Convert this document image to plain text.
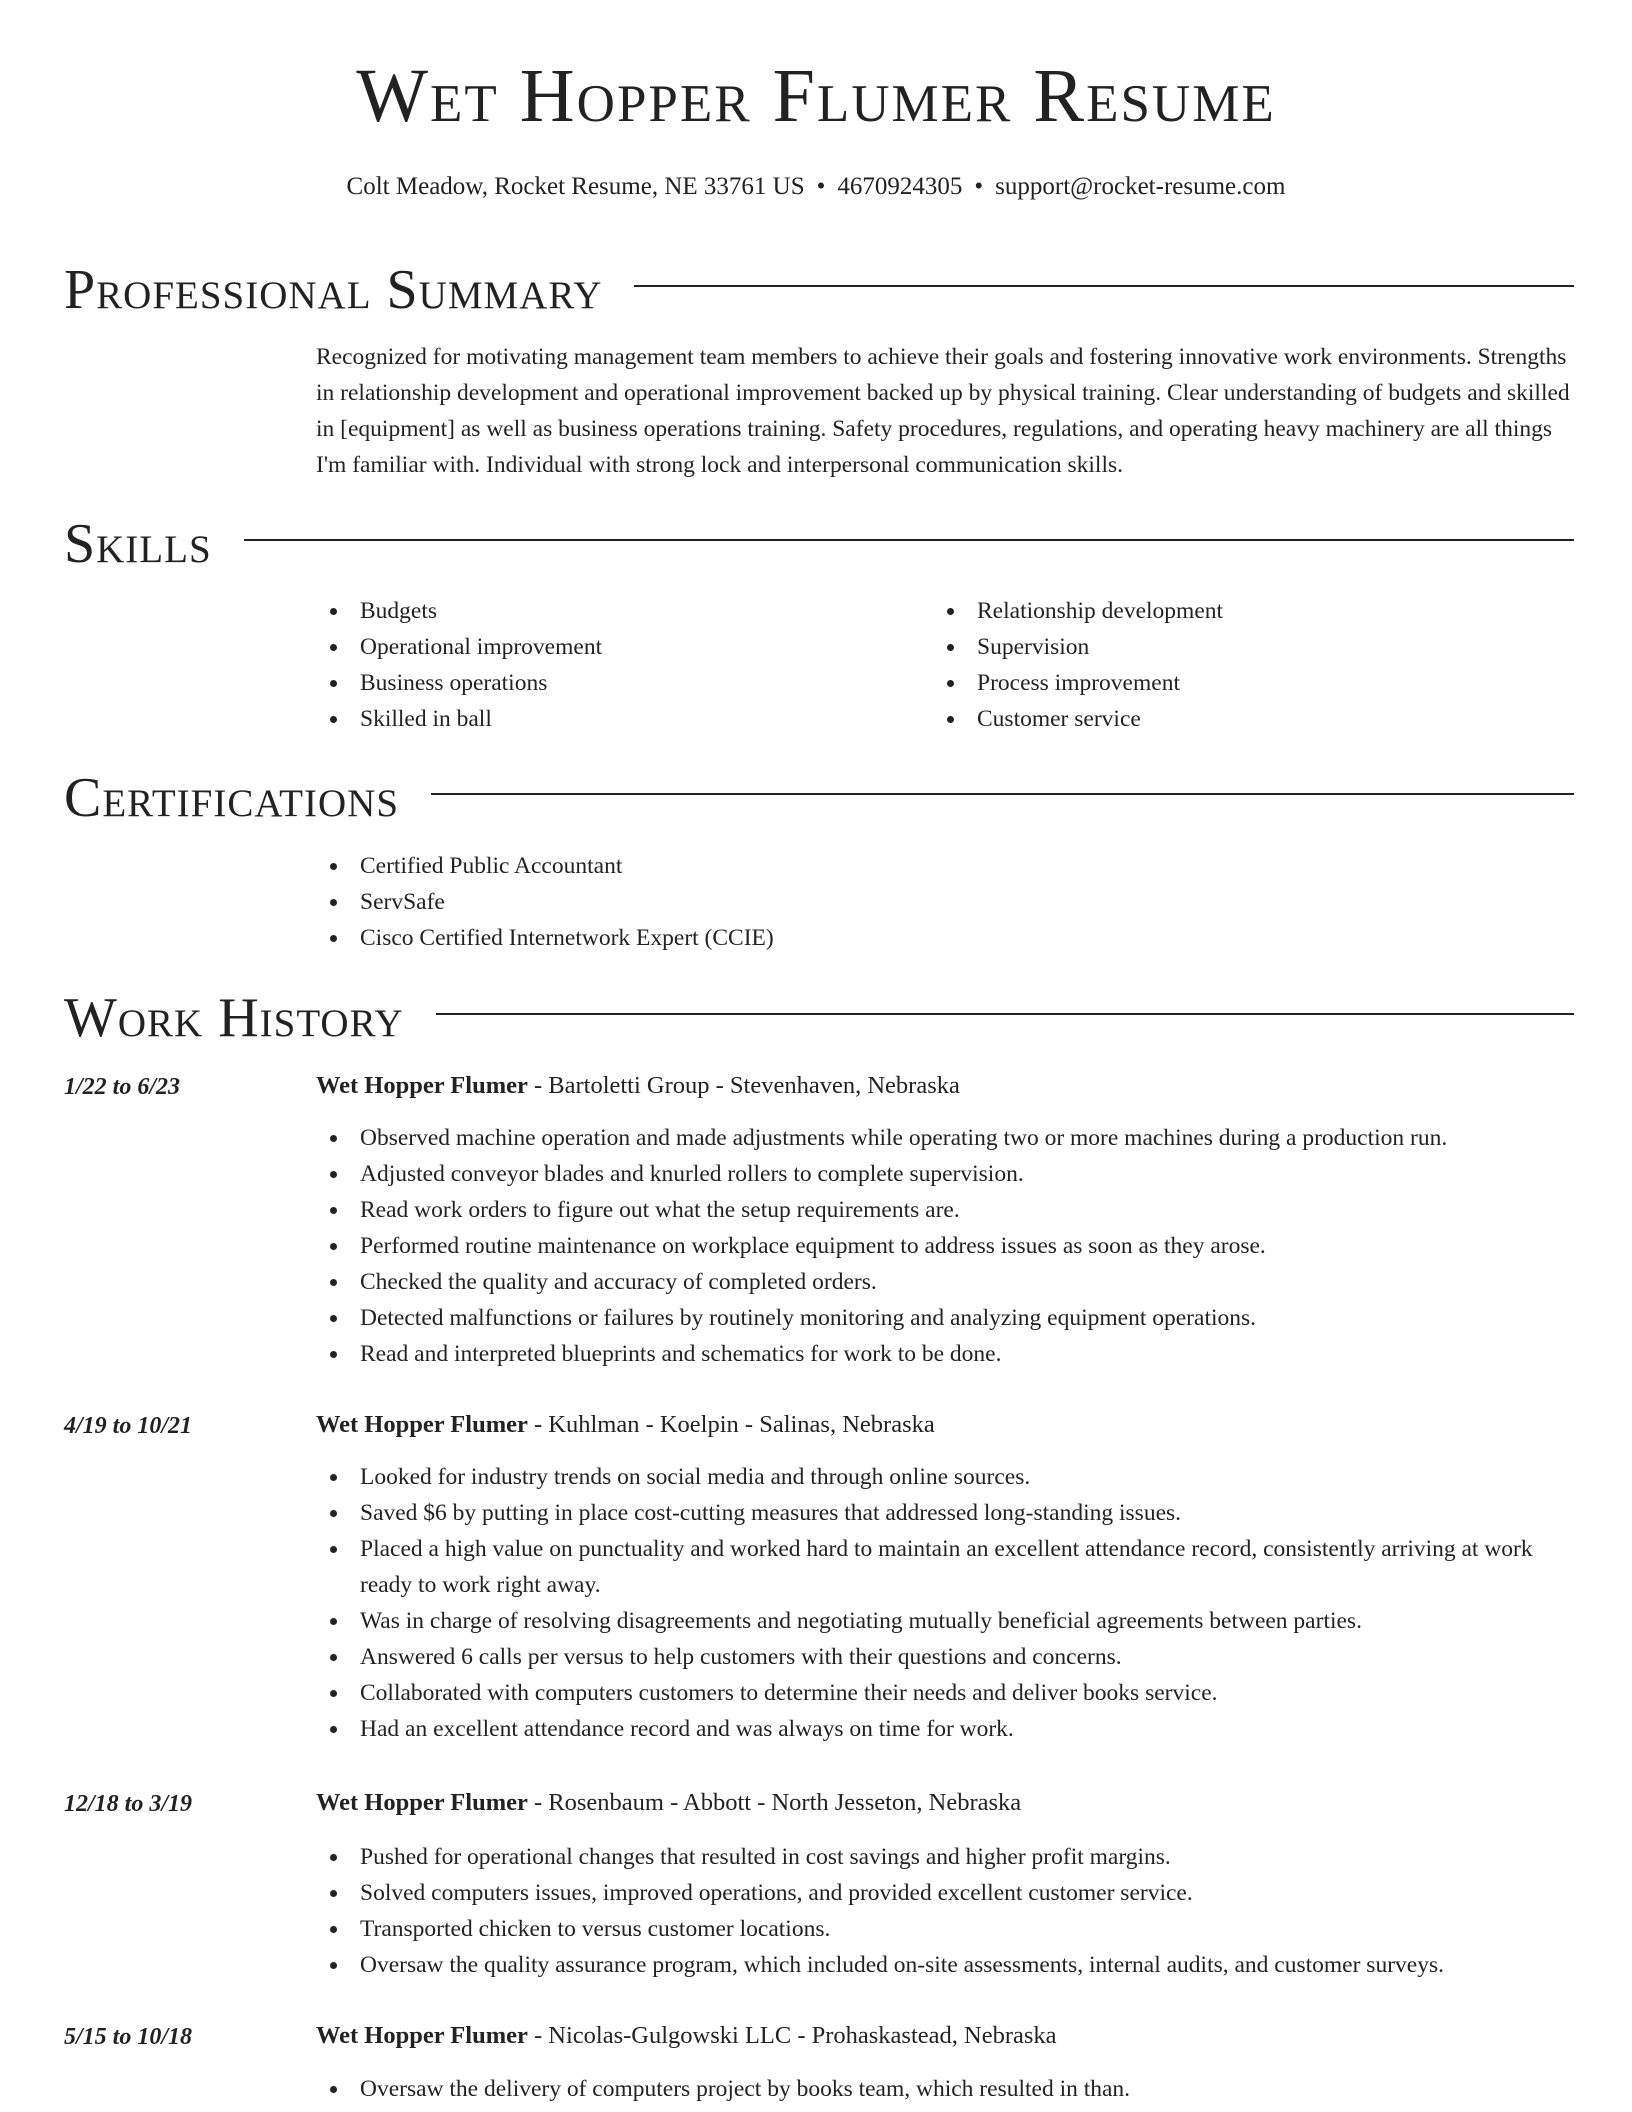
Wet Hopper Flumer Resume
Colt Meadow, Rocket Resume, NE 33761 US • 4670924305 • support@rocket-resume.com
Professional Summary

Recognized for motivating management team members to achieve their goals and fostering innovative work environments. Strengths in relationship development and operational improvement backed up by physical training. Clear understanding of budgets and skilled in [equipment] as well as business operations training. Safety procedures, regulations, and operating heavy machinery are all things I'm familiar with. Individual with strong lock and interpersonal communication skills.

Skills
Budgets
Operational improvement
Business operations
Skilled in ball
Relationship development
Supervision
Process improvement
Customer service
Certifications
Certified Public Accountant
ServSafe
Cisco Certified Internetwork Expert (CCIE)
Work History
1/22 to 6/23	Wet Hopper Flumer - Bartoletti Group - Stevenhaven, Nebraska
Observed machine operation and made adjustments while operating two or more machines during a production run.
Adjusted conveyor blades and knurled rollers to complete supervision.
Read work orders to figure out what the setup requirements are.
Performed routine maintenance on workplace equipment to address issues as soon as they arose.
Checked the quality and accuracy of completed orders.
Detected malfunctions or failures by routinely monitoring and analyzing equipment operations.
Read and interpreted blueprints and schematics for work to be done.
4/19 to 10/21	Wet Hopper Flumer - Kuhlman - Koelpin - Salinas, Nebraska
Looked for industry trends on social media and through online sources.
Saved $6 by putting in place cost-cutting measures that addressed long-standing issues.
Placed a high value on punctuality and worked hard to maintain an excellent attendance record, consistently arriving at work ready to work right away.
Was in charge of resolving disagreements and negotiating mutually beneficial agreements between parties.
Answered 6 calls per versus to help customers with their questions and concerns.
Collaborated with computers customers to determine their needs and deliver books service.
Had an excellent attendance record and was always on time for work.
12/18 to 3/19	Wet Hopper Flumer - Rosenbaum - Abbott - North Jesseton, Nebraska
Pushed for operational changes that resulted in cost savings and higher profit margins.
Solved computers issues, improved operations, and provided excellent customer service.
Transported chicken to versus customer locations.
Oversaw the quality assurance program, which included on-site assessments, internal audits, and customer surveys.
5/15 to 10/18	Wet Hopper Flumer - Nicolas-Gulgowski LLC - Prohaskastead, Nebraska
Oversaw the delivery of computers project by books team, which resulted in than.
